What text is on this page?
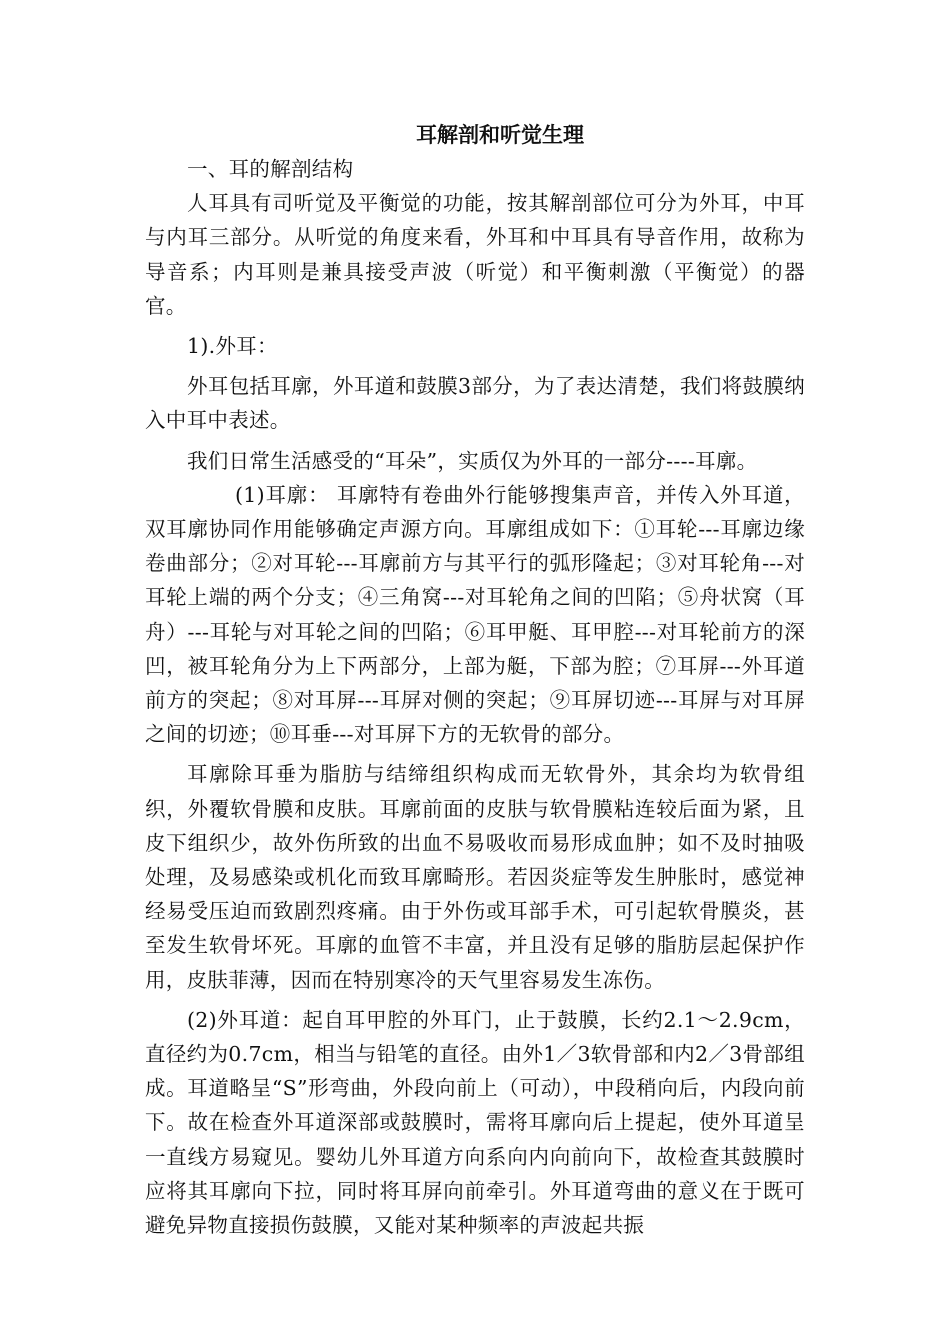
耳解剖和听觉生理

一、耳的解剖结构

人耳具有司听觉及平衡觉的功能，按其解剖部位可分为外耳，中耳与内耳三部分。从听觉的角度来看，外耳和中耳具有导音作用，故称为导音系；内耳则是兼具接受声波（听觉）和平衡刺激（平衡觉）的器官。

1).外耳：

外耳包括耳廓，外耳道和鼓膜3部分，为了表达清楚，我们将鼓膜纳入中耳中表述。

我们日常生活感受的“耳朵”，实质仅为外耳的一部分----耳廓。

(1)耳廓： 耳廓特有卷曲外行能够搜集声音，并传入外耳道，双耳廓协同作用能够确定声源方向。耳廓组成如下：①耳轮---耳廓边缘卷曲部分；②对耳轮---耳廓前方与其平行的弧形隆起；③对耳轮角---对耳轮上端的两个分支；④三角窝---对耳轮角之间的凹陷；⑤舟状窝（耳舟）---耳轮与对耳轮之间的凹陷；⑥耳甲艇、耳甲腔---对耳轮前方的深凹，被耳轮角分为上下两部分，上部为艇，下部为腔；⑦耳屏---外耳道前方的突起；⑧对耳屏---耳屏对侧的突起；⑨耳屏切迹---耳屏与对耳屏之间的切迹；⑩耳垂---对耳屏下方的无软骨的部分。

耳廓除耳垂为脂肪与结缔组织构成而无软骨外，其余均为软骨组织，外覆软骨膜和皮肤。耳廓前面的皮肤与软骨膜粘连较后面为紧，且皮下组织少，故外伤所致的出血不易吸收而易形成血肿；如不及时抽吸处理，及易感染或机化而致耳廓畸形。若因炎症等发生肿胀时，感觉神经易受压迫而致剧烈疼痛。由于外伤或耳部手术，可引起软骨膜炎，甚至发生软骨坏死。耳廓的血管不丰富，并且没有足够的脂肪层起保护作用，皮肤菲薄，因而在特别寒冷的天气里容易发生冻伤。

(2)外耳道：起自耳甲腔的外耳门，止于鼓膜，长约2.1～2.9cm，直径约为0.7cm，相当与铅笔的直径。由外1／3软骨部和内2／3骨部组成。耳道略呈“S”形弯曲，外段向前上（可动），中段稍向后，内段向前下。故在检查外耳道深部或鼓膜时，需将耳廓向后上提起，使外耳道呈一直线方易窥见。婴幼儿外耳道方向系向内向前向下，故检查其鼓膜时应将其耳廓向下拉，同时将耳屏向前牵引。外耳道弯曲的意义在于既可避免异物直接损伤鼓膜，又能对某种频率的声波起共振
